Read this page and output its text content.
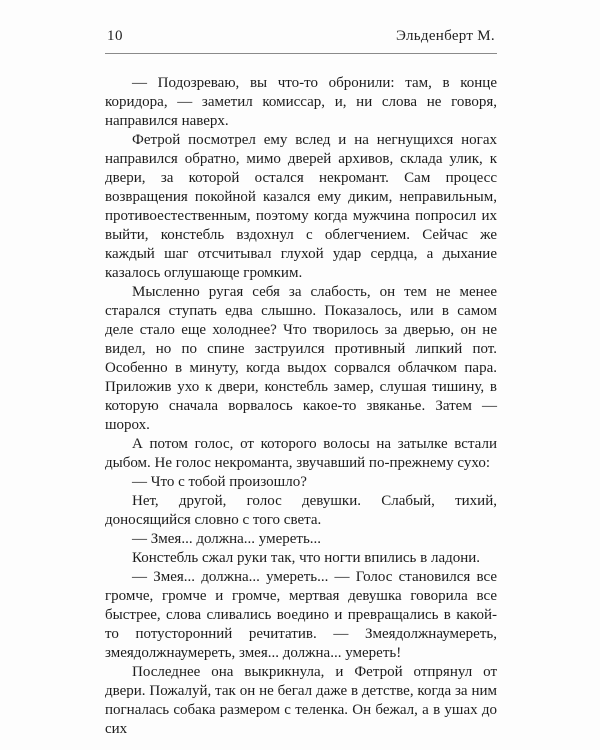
10	Эльденберт М.

— Подозреваю, вы что-то обронили: там, в конце коридора, — заметил комиссар, и, ни слова не говоря, направился наверх.

Фетрой посмотрел ему вслед и на негнущихся ногах направился обратно, мимо дверей архивов, склада улик, к двери, за которой остался некромант. Сам процесс возвращения покойной казался ему диким, неправильным, противоестественным, поэтому когда мужчина попросил их выйти, констебль вздохнул с облегчением. Сейчас же каждый шаг отсчитывал глухой удар сердца, а дыхание казалось оглушающе громким.

Мысленно ругая себя за слабость, он тем не менее старался ступать едва слышно. Показалось, или в самом деле стало еще холоднее? Что творилось за дверью, он не видел, но по спине заструился противный липкий пот. Особенно в минуту, когда выдох сорвался облачком пара. Приложив ухо к двери, констебль замер, слушая тишину, в которую сначала ворвалось какое-то звяканье. Затем — шорох.

А потом голос, от которого волосы на затылке встали дыбом. Не голос некроманта, звучавший по-прежнему сухо:

— Что с тобой произошло?

Нет, другой, голос девушки. Слабый, тихий, доносящийся словно с того света.

— Змея... должна... умереть...

Констебль сжал руки так, что ногти впились в ладони.

— Змея... должна... умереть... — Голос становился все громче, громче и громче, мертвая девушка говорила все быстрее, слова сливались воедино и превращались в какой-то потусторонний речитатив. — Змеядолжнаумереть, змеядолжнаумереть, змея... должна... умереть!

Последнее она выкрикнула, и Фетрой отпрянул от двери. Пожалуй, так он не бегал даже в детстве, когда за ним погналась собака размером с теленка. Он бежал, а в ушах до сих
